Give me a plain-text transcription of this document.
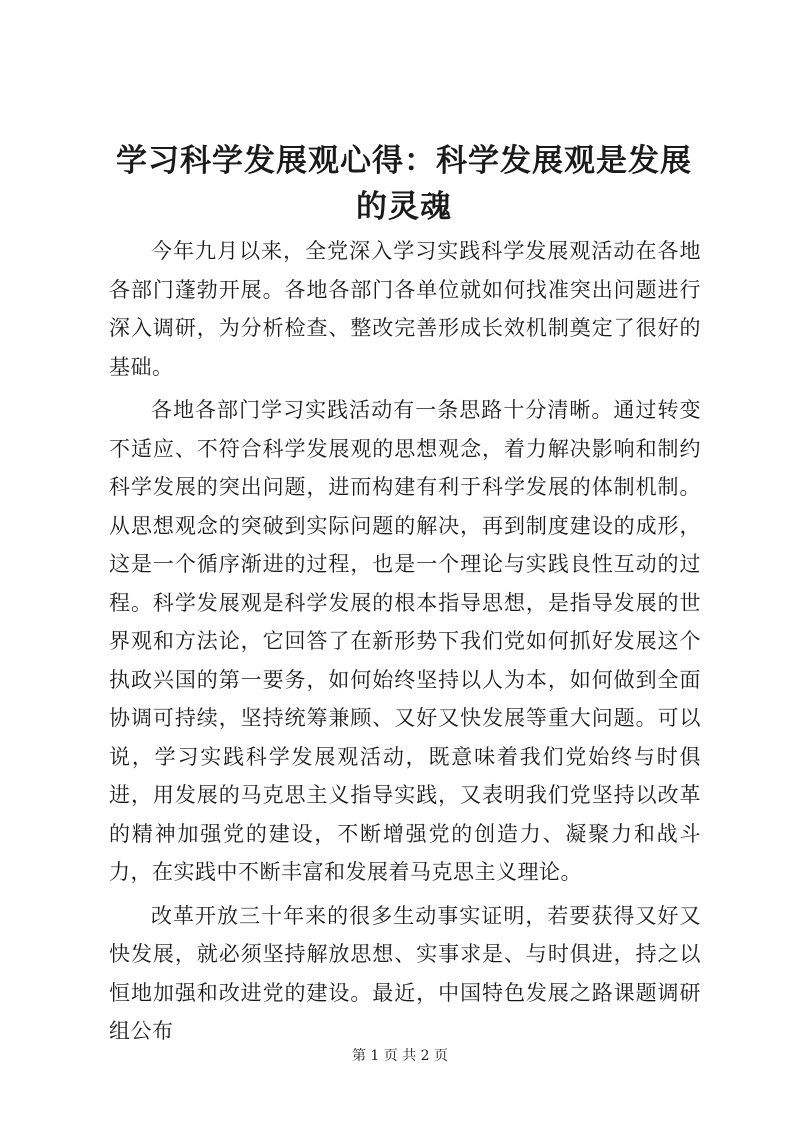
学习科学发展观心得：科学发展观是发展的灵魂

今年九月以来，全党深入学习实践科学发展观活动在各地各部门蓬勃开展。各地各部门各单位就如何找准突出问题进行深入调研，为分析检查、整改完善形成长效机制奠定了很好的基础。

各地各部门学习实践活动有一条思路十分清晰。通过转变不适应、不符合科学发展观的思想观念，着力解决影响和制约科学发展的突出问题，进而构建有利于科学发展的体制机制。从思想观念的突破到实际问题的解决，再到制度建设的成形，这是一个循序渐进的过程，也是一个理论与实践良性互动的过程。科学发展观是科学发展的根本指导思想，是指导发展的世界观和方法论，它回答了在新形势下我们党如何抓好发展这个执政兴国的第一要务，如何始终坚持以人为本，如何做到全面协调可持续，坚持统筹兼顾、又好又快发展等重大问题。可以说，学习实践科学发展观活动，既意味着我们党始终与时俱进，用发展的马克思主义指导实践，又表明我们党坚持以改革的精神加强党的建设，不断增强党的创造力、凝聚力和战斗力，在实践中不断丰富和发展着马克思主义理论。

改革开放三十年来的很多生动事实证明，若要获得又好又快发展，就必须坚持解放思想、实事求是、与时俱进，持之以恒地加强和改进党的建设。最近，中国特色发展之路课题调研组公布

第 1 页 共 2 页
